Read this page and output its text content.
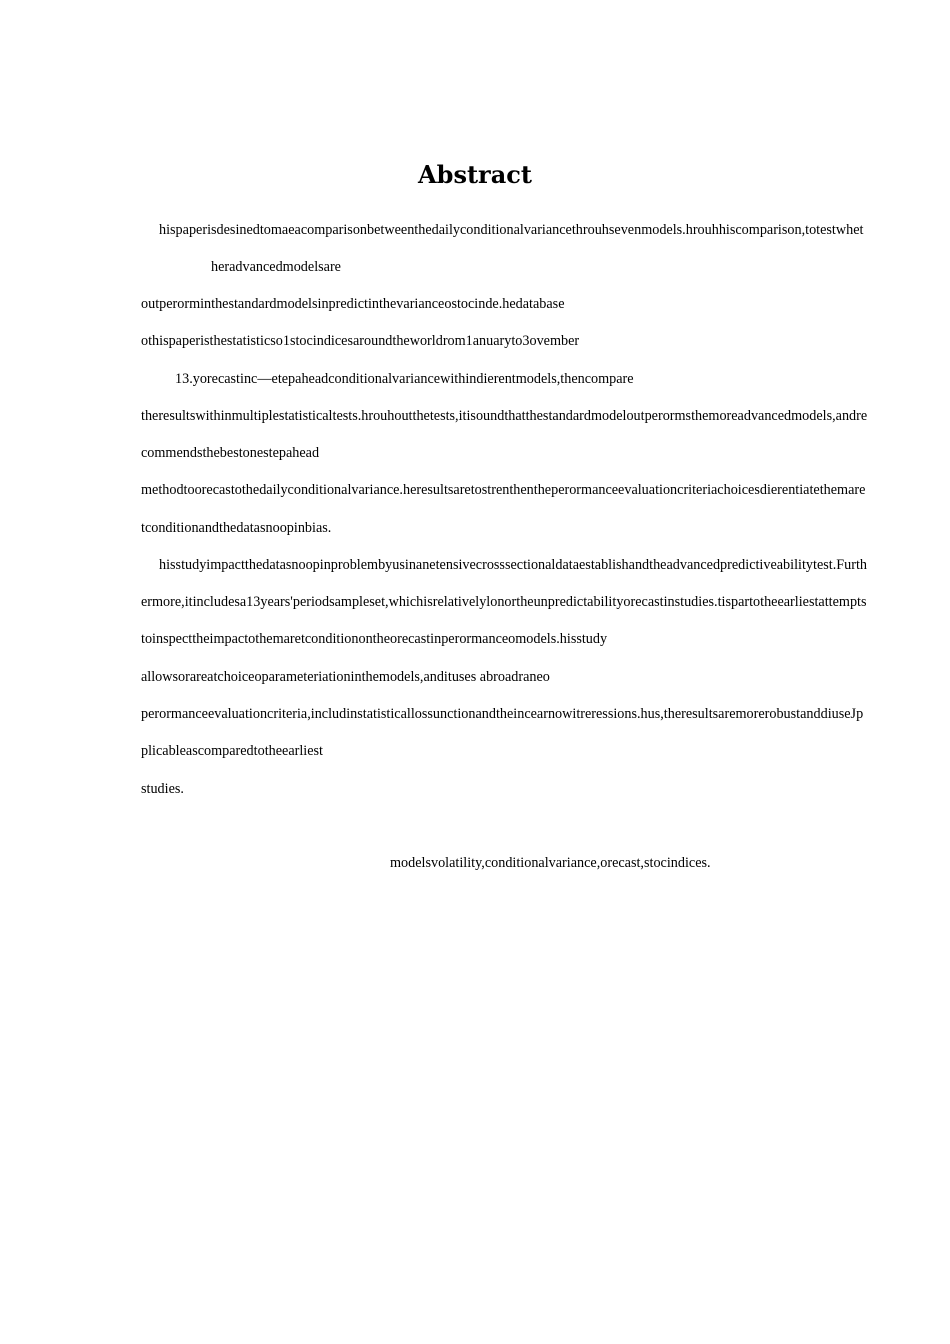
Abstract

hispaperisdesinedtomaeacomparisonbetweenthedailyconditionalvariancethrouhsevenmodels.hrouhhiscomparison,totestwhet

heradvancedmodelsare

outperorminthestandardmodelsinpredictinthevarianceostocinde.hedatabase

othispaperisthestatisticso1stocindicesaroundtheworldrom1anuaryto3ovember

13.yorecastinc—etepaheadconditionalvariancewithindierentmodels,thencompare

theresultswithinmultiplestatisticaltests.hrouhoutthetests,itisoundthatthestandardmodeloutperormsthemoreadvancedmodels,andre

commendsthebestonestepahead

methodtoorecastothedailyconditionalvariance.heresultsaretostrenthentheperormanceevaluationcriteriachoicesdierentiatethemare

tconditionandthedatasnoopinbias.

hisstudyimpactthedatasnoopinproblembyusinanetensivecrosssectionaldataestablishandtheadvancedpredictiveabilitytest.Furth

ermore,itincludesa13years'periodsampleset,whichisrelativelylonortheunpredictabilityorecastinstudies.tispartotheearliestattempts

toinspecttheimpactothemaretconditionontheorecastinperormanceomodels.hisstudy

allowsorareatchoiceoparameteriationinthemodels,andituses abroadraneo

perormanceevaluationcriteria,includinstatisticallossunctionandtheincearnowitreressions.hus,theresultsaremorerobustanddiuseJp

plicableascomparedtotheearliest

studies.

modelsvolatility,conditionalvariance,orecast,stocindices.
